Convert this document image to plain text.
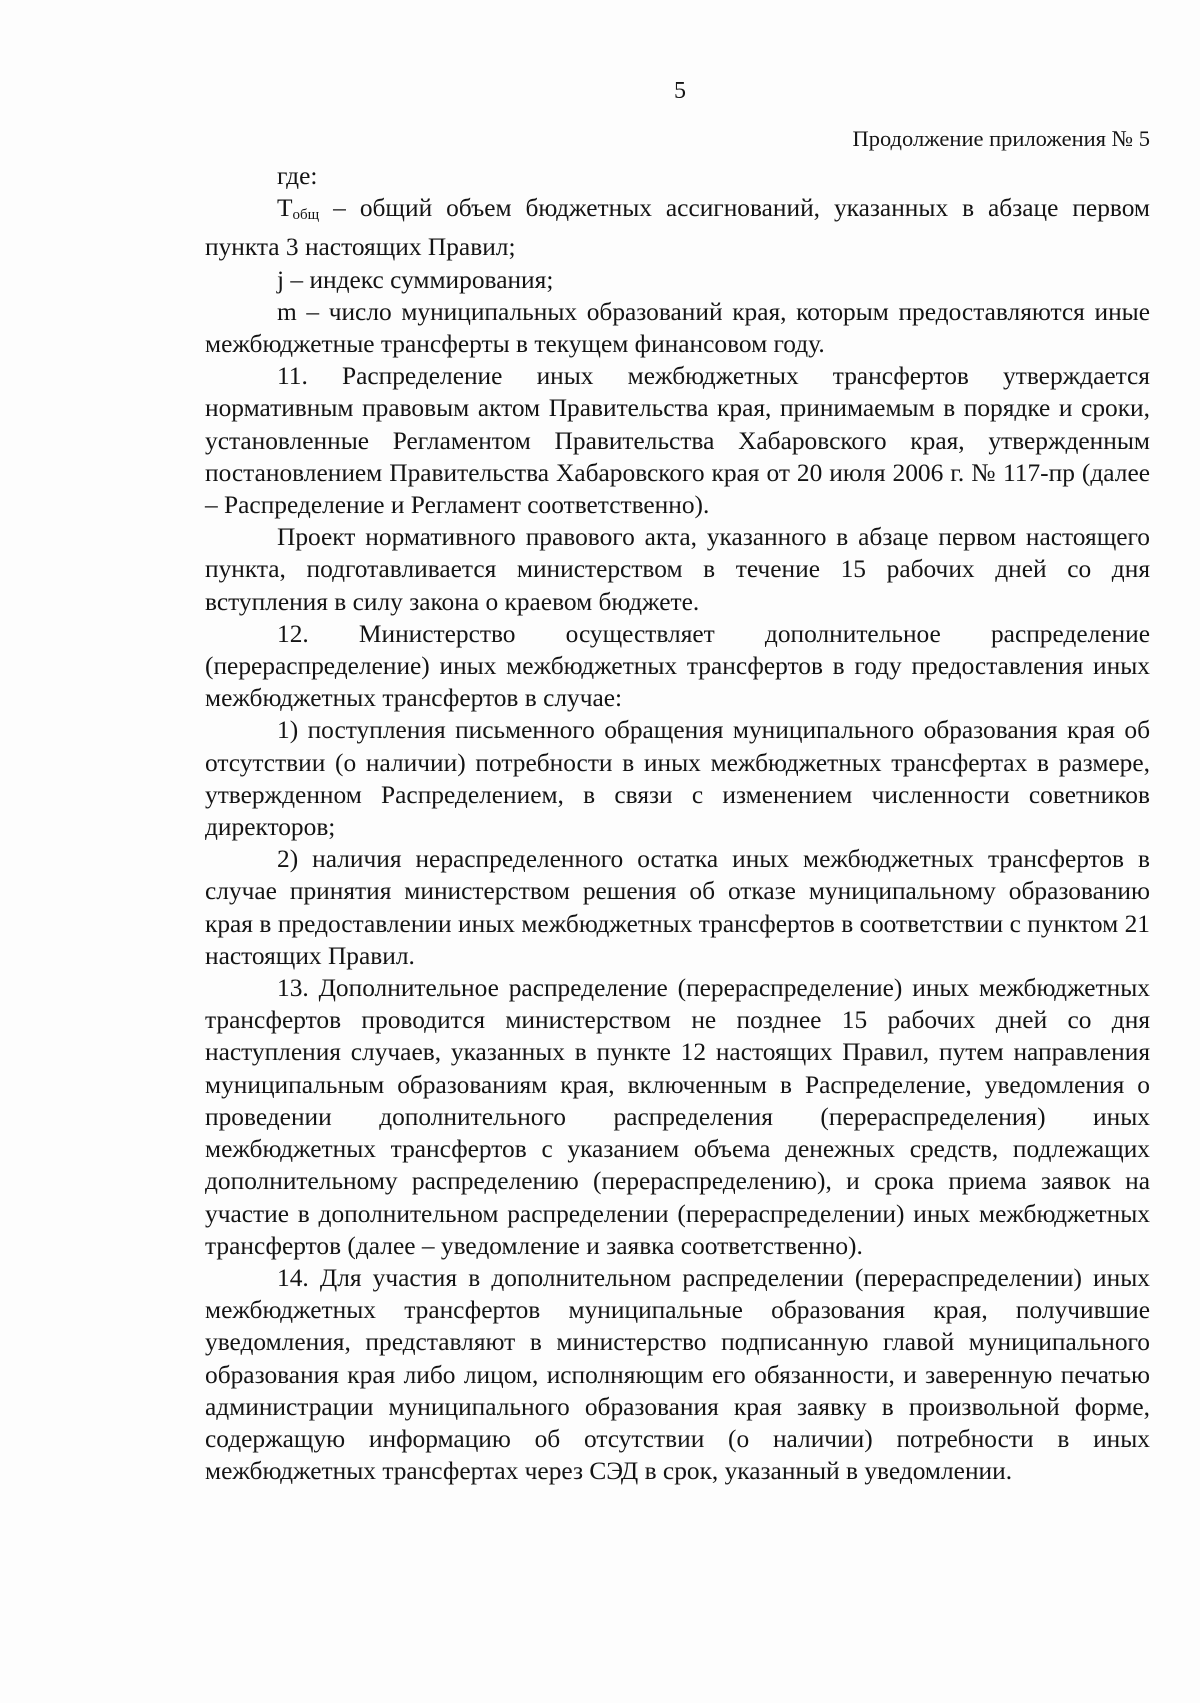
5
Продолжение приложения № 5

где:

$T_{общ}$ – общий объем бюджетных ассигнований, указанных в абзаце первом пункта 3 настоящих Правил;

j – индекс суммирования;

m – число муниципальных образований края, которым предоставляются иные межбюджетные трансферты в текущем финансовом году.

11. Распределение иных межбюджетных трансфертов утверждается нормативным правовым актом Правительства края, принимаемым в порядке и сроки, установленные Регламентом Правительства Хабаровского края, утвержденным постановлением Правительства Хабаровского края от 20 июля 2006 г. № 117-пр (далее – Распределение и Регламент соответственно).

Проект нормативного правового акта, указанного в абзаце первом настоящего пункта, подготавливается министерством в течение 15 рабочих дней со дня вступления в силу закона о краевом бюджете.

12. Министерство осуществляет дополнительное распределение (перераспределение) иных межбюджетных трансфертов в году предоставления иных межбюджетных трансфертов в случае:

1) поступления письменного обращения муниципального образования края об отсутствии (о наличии) потребности в иных межбюджетных трансфертах в размере, утвержденном Распределением, в связи с изменением численности советников директоров;

2) наличия нераспределенного остатка иных межбюджетных трансфертов в случае принятия министерством решения об отказе муниципальному образованию края в предоставлении иных межбюджетных трансфертов в соответствии с пунктом 21 настоящих Правил.

13. Дополнительное распределение (перераспределение) иных межбюджетных трансфертов проводится министерством не позднее 15 рабочих дней со дня наступления случаев, указанных в пункте 12 настоящих Правил, путем направления муниципальным образованиям края, включенным в Распределение, уведомления о проведении дополнительного распределения (перераспределения) иных межбюджетных трансфертов с указанием объема денежных средств, подлежащих дополнительному распределению (перераспределению), и срока приема заявок на участие в дополнительном распределении (перераспределении) иных межбюджетных трансфертов (далее – уведомление и заявка соответственно).

14. Для участия в дополнительном распределении (перераспределении) иных межбюджетных трансфертов муниципальные образования края, получившие уведомления, представляют в министерство подписанную главой муниципального образования края либо лицом, исполняющим его обязанности, и заверенную печатью администрации муниципального образования края заявку в произвольной форме, содержащую информацию об отсутствии (о наличии) потребности в иных межбюджетных трансфертах через СЭД в срок, указанный в уведомлении.
